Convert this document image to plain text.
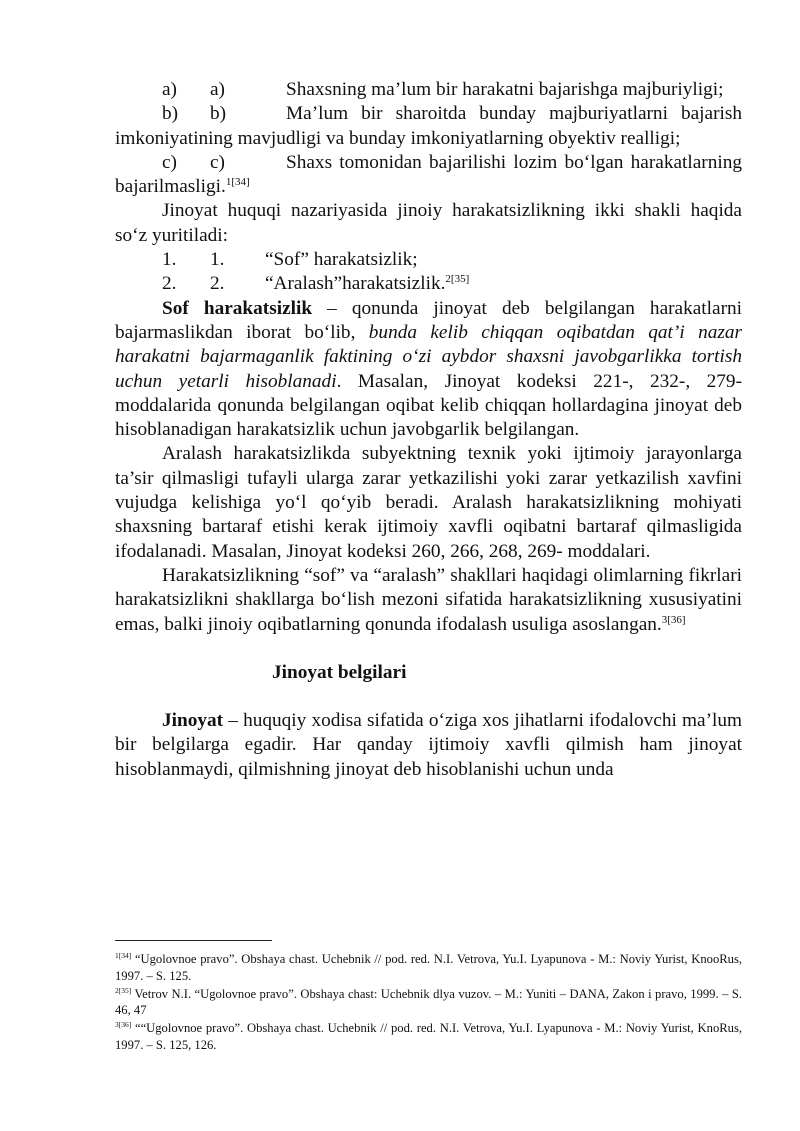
a) a)	Shaxsning ma’lum bir harakatni bajarishga majburiyligi;

b) b)	Ma’lum bir sharoitda bunday majburiyatlarni bajarish imkoniyatining mavjudligi va bunday imkoniyatlarning obyektiv realligi;

c) c)	Shaxs tomonidan bajarilishi lozim bo‘lgan harakatlarning bajarilmasligi.$^{1[34]}$

Jinoyat huquqi nazariyasida jinoiy harakatsizlikning ikki shakli haqida so‘z yuritiladi:

1. 1.	“Sof” harakatsizlik;

2. 2.	“Aralash”harakatsizlik.$^{2[35]}$

Sof harakatsizlik – qonunda jinoyat deb belgilangan harakatlarni bajarmaslikdan iborat bo‘lib, bunda kelib chiqqan oqibatdan qat’i nazar harakatni bajarmaganlik faktining o‘zi aybdor shaxsni javobgarlikka tortish uchun yetarli hisoblanadi. Masalan, Jinoyat kodeksi 221-, 232-, 279- moddalarida qonunda belgilangan oqibat kelib chiqqan hollardagina jinoyat deb hisoblanadigan harakatsizlik uchun javobgarlik belgilangan.

Aralash harakatsizlikda subyektning texnik yoki ijtimoiy jarayonlarga ta’sir qilmasligi tufayli ularga zarar yetkazilishi yoki zarar yetkazilish xavfini vujudga kelishiga yo‘l qo‘yib beradi. Aralash harakatsizlikning mohiyati shaxsning bartaraf etishi kerak ijtimoiy xavfli oqibatni bartaraf qilmasligida ifodalanadi. Masalan, Jinoyat kodeksi 260, 266, 268, 269- moddalari.

Harakatsizlikning “sof” va “aralash” shakllari haqidagi olimlarning fikrlari harakatsizlikni shakllarga bo‘lish mezoni sifatida harakatsizlikning xususiyatini emas, balki jinoiy oqibatlarning qonunda ifodalash usuliga asoslangan.$^{3[36]}$

Jinoyat belgilari

Jinoyat – huquqiy xodisa sifatida o‘ziga xos jihatlarni ifodalovchi ma’lum bir belgilarga egadir. Har qanday ijtimoiy xavfli qilmish ham jinoyat hisoblanmaydi, qilmishning jinoyat deb hisoblanishi uchun unda

$^{1[34]}$ “Ugolovnoe pravo”. Obshaya chast. Uchebnik // pod. red. N.I. Vetrova, Yu.I. Lyapunova - M.: Noviy Yurist, KnooRus, 1997. – S. 125.

$^{2[35]}$ Vetrov N.I. “Ugolovnoe pravo”. Obshaya chast: Uchebnik dlya vuzov. – M.: Yuniti – DANA, Zakon i pravo, 1999. – S. 46, 47

$^{3[36]}$ ““Ugolovnoe pravo”. Obshaya chast. Uchebnik // pod. red. N.I. Vetrova, Yu.I. Lyapunova - M.: Noviy Yurist, KnoRus, 1997. – S. 125, 126.
